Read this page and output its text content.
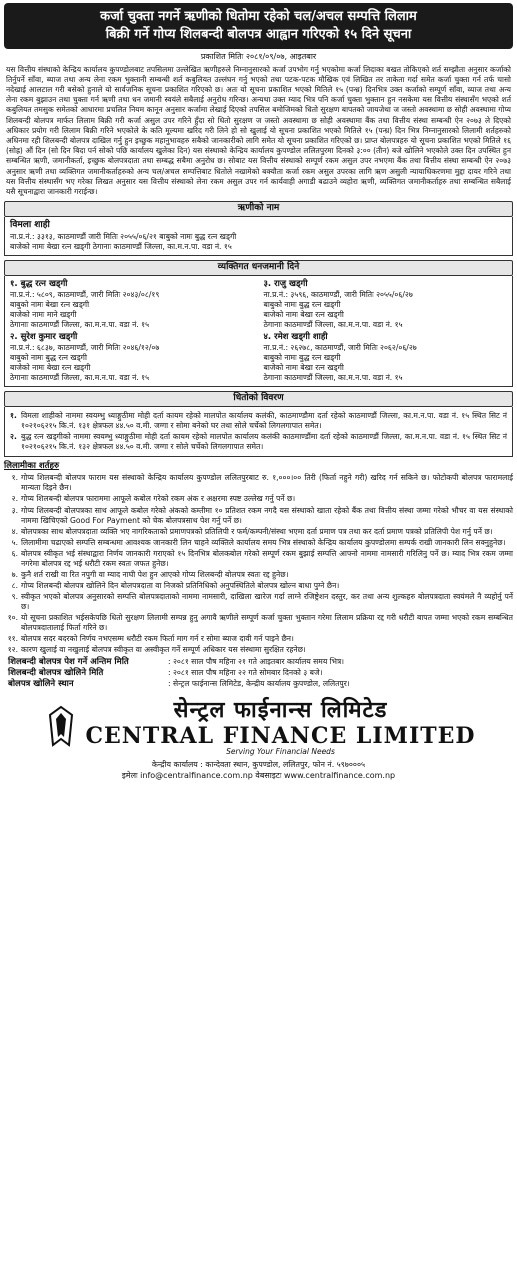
कर्जा चुक्ता नगर्ने ऋणीको धितोमा रहेको चल/अचल सम्पत्ति लिलाम
बिक्री गर्ने गोप्य शिलबन्दी बोलपत्र आह्वान गरिएको १५ दिने सूचना
प्रकाशित मितिः २०८१/०९/०७, आइतबार
यस वित्तीय संस्थाको केन्द्रिय कार्यालय कुपण्डोलबाट तपसिलमा उल्लेखित ऋणीहरुले निम्नानुसारको कर्जा उपभोग गर्नु भएकोमा कर्जा लिदाका बखत तोकिएको शर्त सम्झौता अनुसार कर्जाको तिर्नुपर्ने साँवा, ब्याज तथा अन्य लेना रकम भुक्तानी सम्बन्धी शर्त कबुलियत उल्लंघन गर्नु भएको तथा पटक-पटक मौखिक एवं लिखित तर ताकेता गर्दा समेत कर्जा चुक्ता गर्न तर्फ चासो नदेखाई आलटाल गरी बसेको हुनाले यो सार्वजनिक सूचना प्रकाशित गरिएको छ। अतः यो सूचना प्रकाशित भएको मितिले १५ (पन्ध्र) दिनभित्र उक्त कर्जाको सम्पूर्ण साँवा, व्याज तथा अन्य लेना रकम बुझाउन तथा चुक्ता गर्न ऋणी तथा धन जमानी स्वयंले सबैलाई अनुरोध गरिन्छ। अन्यथा उक्त म्याद भित्र पनि कर्जा चुक्ता भुक्तान हुन नसकेमा यस वित्तीय संस्थासँग भएको शर्त कबुलियत तमसुक समेतको आधारमा प्रचलित नियम कानून अनुसार कर्जामा लेखाई दिएको तपसिल बमोजिमको धितो सुरक्षण बापतको जायजेथा ज जस्तो अवस्थामा छ सोही अवस्थामा गोप्य शिलबन्दी बोलपत्र मार्फत लिलाम बिक्री गरी कर्जा असुल उपर गरिने हुँदा सो धितो सुरक्षण ज जस्तो अवस्थामा छ सोही अवस्थामा बैंक तथा वित्तीय संस्था सम्बन्धी ऐन २०७३ ले दिएको अधिकार प्रयोग गरी लिलाम बिक्री गरिने भएकोले के कति मूल्यमा खरिद गरी लिने हो सो खुलाई यो सूचना प्रकाशित भएको मितिले १५ (पन्ध्र) दिन भित्र निम्नानुसारको लिलामी शर्तहरुको अधिनमा रही शिलबन्दी बोलपत्र दाखिल गर्नु हुन इच्छुक महानुभावहरु सबैको जानकारीको लागि समेत यो सूचना प्रकाशित गरिएको छ। प्राप्त बोलपत्रहरु यो सूचना प्रकाशित भएको मितिले १६ (सोह्र) औं दिन (सो दिन बिदा पर्न सोको पछि कार्यालय खुलेका दिन) यस संस्थाको केन्द्रिय कार्यालय कुपण्डोल ललितपुरमा दिनको ३:०० (तीन) बजे खोलिने भएकोले उक्त दिन उपस्थित हुन सम्बन्धित ऋणी, जमानीकर्ता, इच्छुक बोलपत्रदाता तथा सम्बद्ध सबैमा अनुरोध छ। सोबाट यस वित्तीय संस्थाको सम्पूर्ण रकम असुल उपर नभएमा बैंक तथा वित्तीय संस्था सम्बन्धी ऐन २०७३ अनुसार ऋणी तथा व्यक्तिगत जमानीकर्ताहरुको अन्य चल/अचल सम्पत्तिबाट धितोले नखामेको बक्यौता कर्जा रकम असुल उपरका लागि ऋण असुली न्यायाधिकरणमा मुद्दा दायर गरिने तथा यस वित्तीय संस्थासँग भए गरेका लिखत अनुसार यस वित्तीय संस्थाको लेना रकम असुल उपर गर्न कार्यवाही अगाडी बढाउने व्यहोरा ऋणी, व्यक्तिगत जमानीकर्ताहरु तथा सम्बन्धित सबैलाई यसै सूचनाद्वारा जानकारी गराईन्छ।
ऋणीको नाम
विमला शाही
ना.प्र.नं.: ३३१३, काठमाण्डौं जारी मितिः २०५५/०६/२१ बाबुको नामः बुद्ध रत्न खड्गी
बाजेको नामः बेखा रत्न खड्गी ठेगानाः काठमाण्डौं जिल्ला, का.म.न.पा. वडा नं. १५
व्यक्तिगत धनजमानी दिने
१. बुद्ध रत्न खड्गी
ना.प्र.नं.: ५८०९, काठमाण्डौं, जारी मितिः २०४३/०८/१९
बाबुको नामः बेखा रत्न खड्गी
बाजेको नामः माने खड्गी
ठेगानाः काठमाण्डौं जिल्ला, का.म.न.पा. वडा नं. १५
३. राजु खड्गी
ना.प्र.नं.: ३५९६, काठमाण्डौं, जारी मितिः २०५५/०६/२७
बाबुको नामः बुद्ध रत्न खड्गी
बाजेको नामः बेखा रत्न खड्गी
ठेगानाः काठमाण्डौं जिल्ला, का.म.न.पा. वडा नं. १५
२. सुरेश कुमार खड्गी
ना.प्र.नं.: ६८३७, काठमाण्डौं, जारी मितिः २०४६/१२/०७
बाबुको नामः बुद्ध रत्न खड्गी
बाजेको नामः बेखा रत्न खड्गी
ठेगानाः काठमाण्डौं जिल्ला, का.म.न.पा. वडा नं. १५
४. रमेश खड्गी शाही
ना.प्र.नं.: २६२७८, काठमाण्डौं, जारी मितिः २०६२/०६/२७
बाबुको नामः बुद्ध रत्न खड्गी
बाजेको नामः बेखा रत्न खड्गी
ठेगानाः काठमाण्डौं जिल्ला, का.म.न.पा. वडा नं. १५
धितोको विवरण
१. विमला शाहीको नाममा स्वयम्भु ध्याङ्गुठीमा मोही दर्ता कायम रहेको मालपोत कार्यालय कलंकी, काठमाण्डौमा दर्ता रहेको काठमाण्डौं जिल्ला, का.म.न.पा. वडा नं. १५ स्थित सिट नं १०२१०६२१५ कि.नं. १३१ क्षेत्रफल ४४.५० व.मी. जग्गा र सोमा बनेको घर तथा सोले चर्चेको लिगलगापात समेत।
२. बुद्ध रत्न खड्गीको नाममा स्वयम्भु ध्याङ्गुठीमा मोही दर्ता कायम रहेको मालपोत कार्यालय कलंकी काठमाण्डौंमा दर्ता रहेको काठमाण्डौं जिल्ला, का.म.न.पा. वडा नं. १५ स्थित सिट नं १०२१०६२१५ कि.नं. १३२ क्षेत्रफल ४४.५० व.मी. जग्गा र सोले चर्चेको लिगलगापात समेत।
लिलामीका शर्तहरु
१. गोप्य शिलबन्दी बोलपत्र फाराम यस संस्थाको केन्द्रिय कार्यालय कुपण्डोल ललितपुरबाट रु. १,०००।०० तिरी (फिर्ता नहुने गरी) खरिद गर्न सकिने छ। फोटोकपी बोलपत्र फारामलाई मान्यता दिइने छैन।
२. गोप्य शिलबन्दी बोलपत्र फाराममा आफूले कबोल गरेको रकम अंक र अक्षरमा स्पष्ट उल्लेख गर्नु पर्ने छ।
३. गोप्य शिलबन्दी बोलपत्रका साथ आफूले कबोल गरेको अंकको कम्तीमा १० प्रतिशत रकम नगदै यस संस्थाको खाता रहेको बैंक तथा वित्तीय संस्था जम्मा गरेको भौचर वा यस संस्थाको नाममा खिचिएको Good For Payment को चेक बोलपत्रसाथ पेश गर्नु पर्ने छ।
४. बोलपत्रका साथ बोलपत्रदाता व्यक्ति भए नागरिकताको प्रमाणपत्रको प्रतिलिपी र फर्म/कम्पनी/संस्था भएमा दर्ता प्रमाण पत्र तथा कर दर्ता प्रमाण पत्रको प्रतिलिपी पेश गर्नु पर्ने छ।
५. लिलामीमा चढाएको सम्पत्ति सम्बन्धमा आवश्यक जानकारी लिन चाहने व्यक्तिले कार्यालय समय भित्र संस्थाको केन्द्रिय कार्यालय कुपण्डोलमा सम्पर्क राखी जानकारी लिन सक्नुहुनेछ।
६. बोलपत्र स्वीकृत भई संस्थाद्वारा निर्णय जानकारी गराएको १५ दिनभित्र बोलकबोल गरेको सम्पूर्ण रकम बुझाई सम्पत्ति आफ्नो नाममा नामसारी गरिलिनु पर्ने छ। म्याद भित्र रकम जम्मा नगरेमा बोलपत्र रद्द भई धरौटी रकम स्वतः जफत हुनेछ।
७. कुनै शर्त राखी वा रित नपुगी वा म्याद नाघी पेश हुन आएको गोप्य शिलबन्दी बोलपत्र स्वतः रद्द हुनेछ।
८. गोप्य शिलबन्दी बोलपत्र खोलिने दिन बोलपत्रदाता वा निजको प्रतिनिधिको अनुपस्थितिले बोलपत्र खोल्न बाधा पुग्ने छैन।
९. स्वीकृत भएको बोलपत्र अनुसारको सम्पत्ति बोलपत्रदाताको नाममा नामसारी, दाखिला खारेज गर्दा लाग्ने रजिष्ट्रेशन दस्तुर, कर तथा अन्य शुल्कहरु बोलपत्रदाता स्वयंमले नै व्यहोर्नु पर्ने छ।
१०. यो सूचना प्रकाशित भईसकेपछि धितो सुरक्षण लिलामी सम्पन्न हुनु अगावै ऋणीले सम्पूर्ण कर्जा चुक्ता भुक्तान गरेमा लिलाम प्रक्रिया रद्द गरी धरौटी बापत जम्मा भएको रकम सम्बन्धित बोलपत्रदातालाई फिर्ता गरिने छ।
११. बोलपत्र सदर बदरको निर्णय नभएसम्म धरौटी रकम फिर्ता माग गर्न र सोमा ब्याज दावी गर्न पाइने छैन।
१२. कारण खुलाई वा नखुलाई बोलपत्र स्वीकृत वा अस्वीकृत गर्ने सम्पूर्ण अधिकार यस संस्थामा सुरक्षित रहनेछ।
शिलबन्दी बोलपत्र पेश गर्ने अन्तिम मिति	: २०८१ साल पौष महिना २१ गते आइतबार कार्यालय समय भित्र।
शिलबन्दी बोलपत्र खोलिने मिति	: २०८१ साल पौष महिना २२ गते सोमबार दिनको ३ बजे।
बोलपत्र खोलिने स्थान	: सेन्ट्रल फाईनान्स लिमिटेड, केन्द्रीय कार्यालय कुपण्डोल, ललितपुर।
सेन्ट्रल फाईनान्स लिमिटेड
CENTRAL FINANCE LIMITED
Serving Your Financial Needs
केन्द्रीय कार्यालय : कान्देवता स्थान, कुपण्डोल, ललितपुर, फोन नं. ५९७०००५
इमेलः info@centralfinance.com.np वेबसाइटः www.centralfinance.com.np
